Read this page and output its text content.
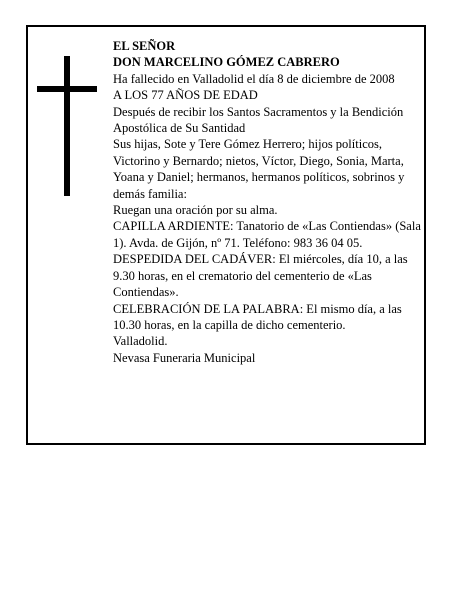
EL SEÑOR

DON MARCELINO GÓMEZ CABRERO

Ha fallecido en Valladolid el día 8 de diciembre de 2008

A LOS 77 AÑOS DE EDAD

Después de recibir los Santos Sacramentos y la Bendición Apostólica de Su Santidad

Sus hijas, Sote y Tere Gómez Herrero; hijos políticos, Victorino y Bernardo; nietos, Víctor, Diego, Sonia, Marta, Yoana y Daniel; hermanos, hermanos políticos, sobrinos y demás familia:

Ruegan una oración por su alma.

CAPILLA ARDIENTE: Tanatorio de «Las Contiendas» (Sala 1). Avda. de Gijón, nº 71. Teléfono: 983 36 04 05.

DESPEDIDA DEL CADÁVER: El miércoles, día 10, a las 9.30 horas, en el crematorio del cementerio de «Las Contiendas».

CELEBRACIÓN DE LA PALABRA: El mismo día, a las 10.30 horas, en la capilla de dicho cementerio.

Valladolid.

Nevasa Funeraria Municipal
